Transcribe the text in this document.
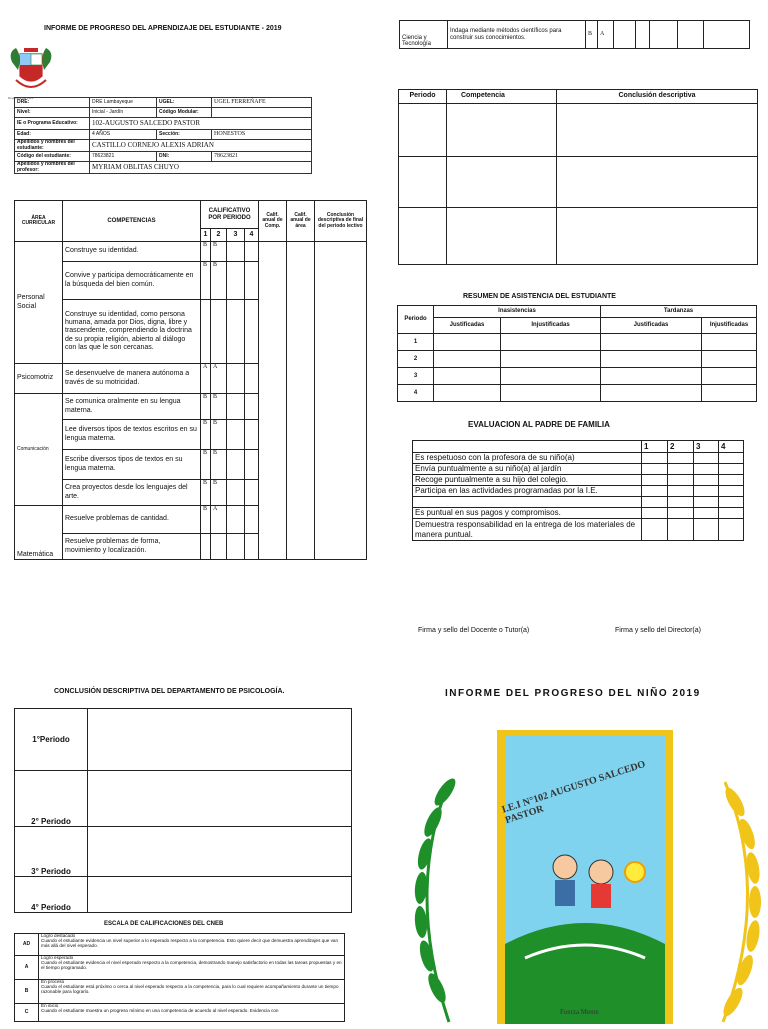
INFORME DE PROGRESO DEL APRENDIZAJE DEL ESTUDIANTE - 2019
República del Perú
DRE:	DRE Lambayeque	UGEL:	UGEL FERREÑAFE
Nivel:	Inicial - Jardín	Código Modular:	
IE o Programa Educativo:	102-AUGUSTO SALCEDO PASTOR		
Edad:	4 AÑOS	Sección:	HONESTOS
Apellidos y nombres del estudiante:	CASTILLO CORNEJO ALEXIS ADRIAN		
Código del estudiante:	78623821	DNI:	78623821
Apellidos y nombres del profesor:	MYRIAM OBLITAS CHUYO		
ÁREA CURRICULAR	COMPETENCIAS	CALIFICATIVO POR PERIODO				Calif. anual de Comp.	Calif. anual de área	Conclusión descriptiva de final del periodo lectivo
		1	2	3	4			
Personal Social	Construye su identidad.	B	B					
	Convive y participa democráticamente en la búsqueda del bien común.	B	B					
	Construye su identidad, como persona humana, amada por Dios, digna, libre y trascendente, comprendiendo la doctrina de su propia religión, abierto al diálogo con las que le son cercanas.							
Psicomotriz	Se desenvuelve de manera autónoma a través de su motricidad.	A	A					
Comunicación	Se comunica oralmente en su lengua materna.	B	B					
	Lee diversos tipos de textos escritos en su lengua materna.	B	B					
	Escribe diversos tipos de textos en su lengua materna.	B	B					
	Crea proyectos desde los lenguajes del arte.	B	B					
Matemática	Resuelve problemas de cantidad.	B	A					
	Resuelve problemas de forma, movimiento y localización.							
CONCLUSIÓN DESCRIPTIVA DEL DEPARTAMENTO DE PSICOLOGÍA.
1°Periodo	
2° Periodo	
3° Periodo	
4° Periodo	
ESCALA DE CALIFICACIONES DEL CNEB
AD	Logro destacado
Cuando el estudiante evidencia un nivel superior a lo esperado respecto a la competencia. Esto quiere decir que demuestra aprendizajes que van más allá del nivel esperado.

A	Logro esperado
Cuando el estudiante evidencia el nivel esperado respecto a la competencia, demostrando manejo satisfactorio en todas las tareas propuestas y en el tiempo programado.

B	En proceso
Cuando el estudiante está próximo o cerca al nivel esperado respecto a la competencia, para lo cual requiere acompañamiento durante un tiempo razonable para lograrlo.

C	En inicio
Cuando el estudiante muestra un progreso mínimo en una competencia de acuerdo al nivel esperado. Evidencia con
Ciencia y Tecnología	Indaga mediante métodos científicos para construir sus conocimientos.	B	A					
Periodo	Competencia	Conclusión descriptiva

RESUMEN DE ASISTENCIA DEL ESTUDIANTE
Periodo	Inasistencias		Tardanzas	
	Justificadas	Injustificadas	Justificadas	Injustificadas
1				
2				
3				
4				
EVALUACION AL PADRE DE FAMILIA
	1	2	3	4
Es respetuoso con la profesora de su niño(a)				
Envía puntualmente a su niño(a) al jardín				
Recoge puntualmente a su hijo del colegio.				
Participa en las actividades programadas por la I.E.				

Es puntual en sus pagos y compromisos.				
Demuestra responsabilidad en la entrega de los materiales de manera puntual.				
Firma y sello del Docente o Tutor(a)	Firma y sello del Director(a)
INFORME DEL PROGRESO DEL NIÑO 2019
I.E.I N°102 AUGUSTO SALCEDO PASTOR
Fuerza Mente
